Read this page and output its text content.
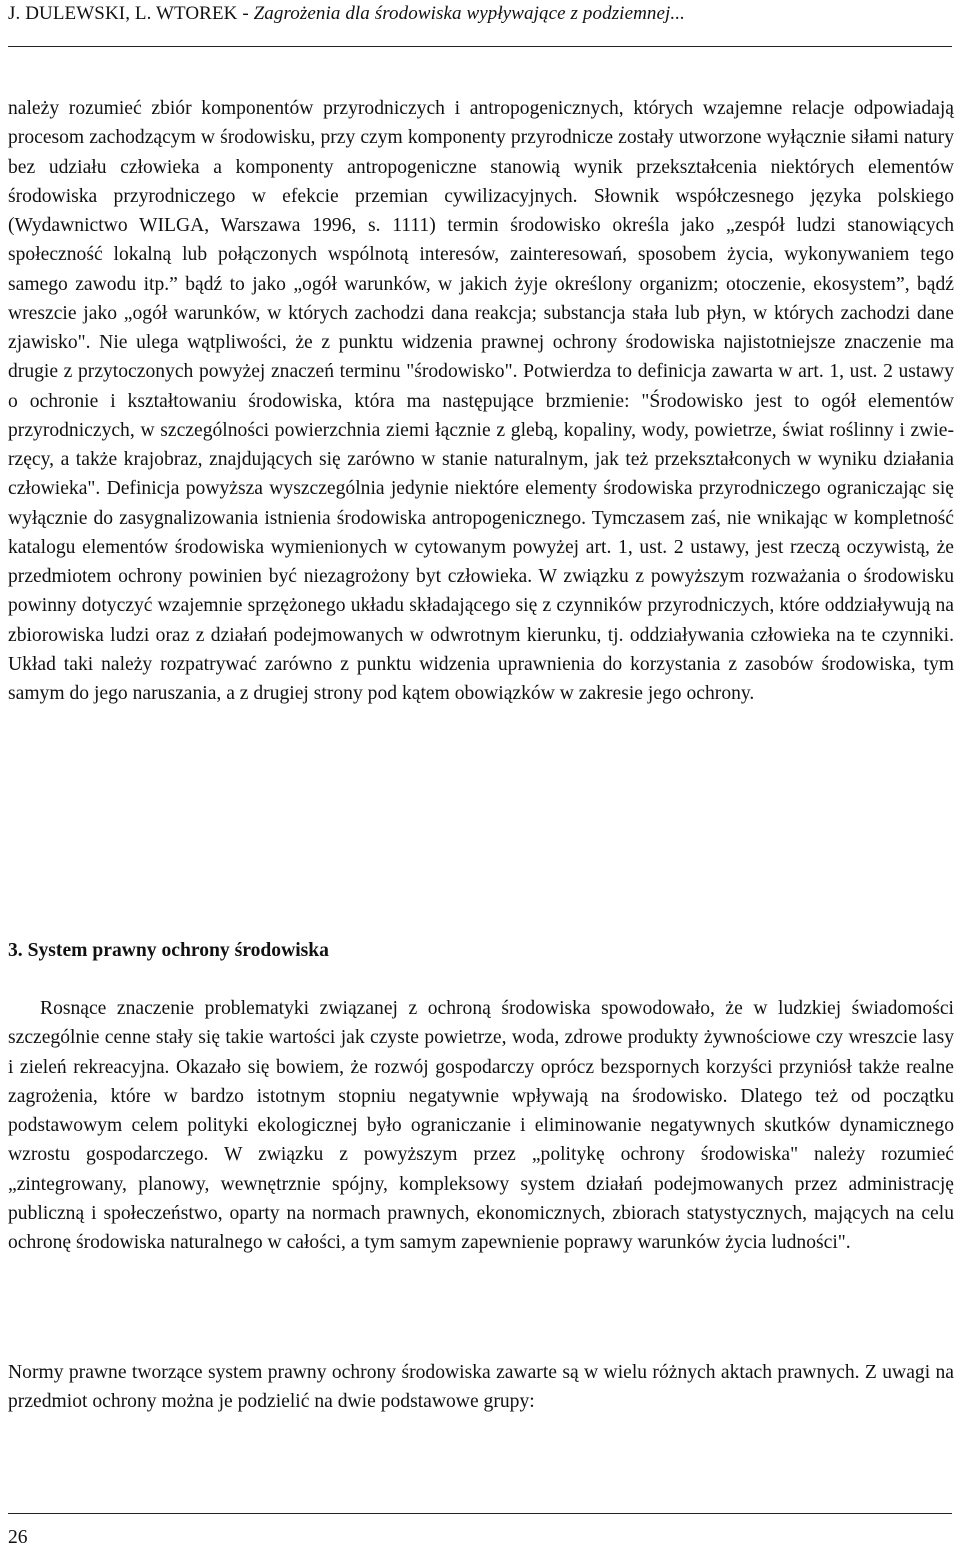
J. DULEWSKI, L. WTOREK - Zagrożenia dla środowiska wypływające z podziemnej...

należy rozumieć zbiór komponentów przyrodniczych i antropogenicznych, których wzajemne relacje odpowiadają procesom zachodzącym w środowisku, przy czym komponenty przyrodnicze zostały utworzone wyłącznie siłami natury bez udziału człowieka a komponenty antropogeniczne stanowią wynik przekształcenia niektórych elementów środowiska przyrodniczego w efekcie przemian cywilizacyjnych. Słownik współczesnego języka polskiego (Wydawnictwo WILGA, Warszawa 1996, s. 1111) termin środowisko określa jako „zespół ludzi stanowiących społeczność lokalną lub połączonych wspólnotą interesów, zainteresowań, sposobem życia, wykonywaniem tego samego zawodu itp.” bądź to jako „ogół warunków, w jakich żyje określony organizm; otoczenie, ekosystem”, bądź wreszcie jako „ogół warunków, w których zachodzi dana reakcja; substancja stała lub płyn, w których zachodzi dane zjawisko". Nie ulega wątpliwości, że z punktu widzenia prawnej ochrony środowiska najistotniejsze znaczenie ma drugie z przytoczonych powyżej znaczeń terminu "środowisko". Potwierdza to definicja zawarta w art. 1, ust. 2 ustawy o ochronie i kształtowaniu środowiska, która ma następujące brzmienie: "Środowisko jest to ogół elementów przyrodniczych, w szczególności powierzchnia ziemi łącznie z glebą, kopaliny, wody, powietrze, świat roślinny i zwierzęcy, a także krajobraz, znajdujących się zarówno w stanie naturalnym, jak też przekształconych w wyniku działania człowieka". Definicja powyższa wyszczególnia jedynie niektóre elementy środowiska przyrodniczego ograniczając się wyłącznie do zasygnalizowania istnienia środowiska antropogenicznego. Tymczasem zaś, nie wnikając w kompletność katalogu elementów środowiska wymienionych w cytowanym powyżej art. 1, ust. 2 ustawy, jest rzeczą oczywistą, że przedmiotem ochrony powinien być niezagrożony byt człowieka. W związku z powyższym rozważania o środowisku powinny dotyczyć wzajemnie sprzężonego układu składającego się z czynników przyrodniczych, które oddziaływują na zbiorowiska ludzi oraz z działań podejmowanych w odwrotnym kierunku, tj. oddziaływania człowieka na te czynniki. Układ taki należy rozpatrywać zarówno z punktu widzenia uprawnienia do korzystania z zasobów środowiska, tym samym do jego naruszania, a z drugiej strony pod kątem obowiązków w zakresie jego ochrony.

3. System prawny ochrony środowiska

Rosnące znaczenie problematyki związanej z ochroną środowiska spowodowało, że w ludzkiej świadomości szczególnie cenne stały się takie wartości jak czyste powietrze, woda, zdrowe produkty żywnościowe czy wreszcie lasy i zieleń rekreacyjna. Okazało się bowiem, że rozwój gospodarczy oprócz bezspornych korzyści przyniósł także realne zagrożenia, które w bardzo istotnym stopniu negatywnie wpływają na środowisko. Dlatego też od początku podstawowym celem polityki ekologicznej było ograniczanie i eliminowanie negatywnych skutków dynamicznego wzrostu gospodarczego. W związku z powyższym przez „politykę ochrony środowiska" należy rozumieć „zintegrowany, planowy, wewnętrznie spójny, kompleksowy system działań podejmowanych przez administrację publiczną i społeczeństwo, oparty na normach prawnych, ekonomicznych, zbiorach statystycznych, mających na celu ochronę środowiska naturalnego w całości, a tym samym zapewnienie poprawy warunków życia ludności".

Normy prawne tworzące system prawny ochrony środowiska zawarte są w wielu różnych aktach prawnych. Z uwagi na przedmiot ochrony można je podzielić na dwie podstawowe grupy:

26
